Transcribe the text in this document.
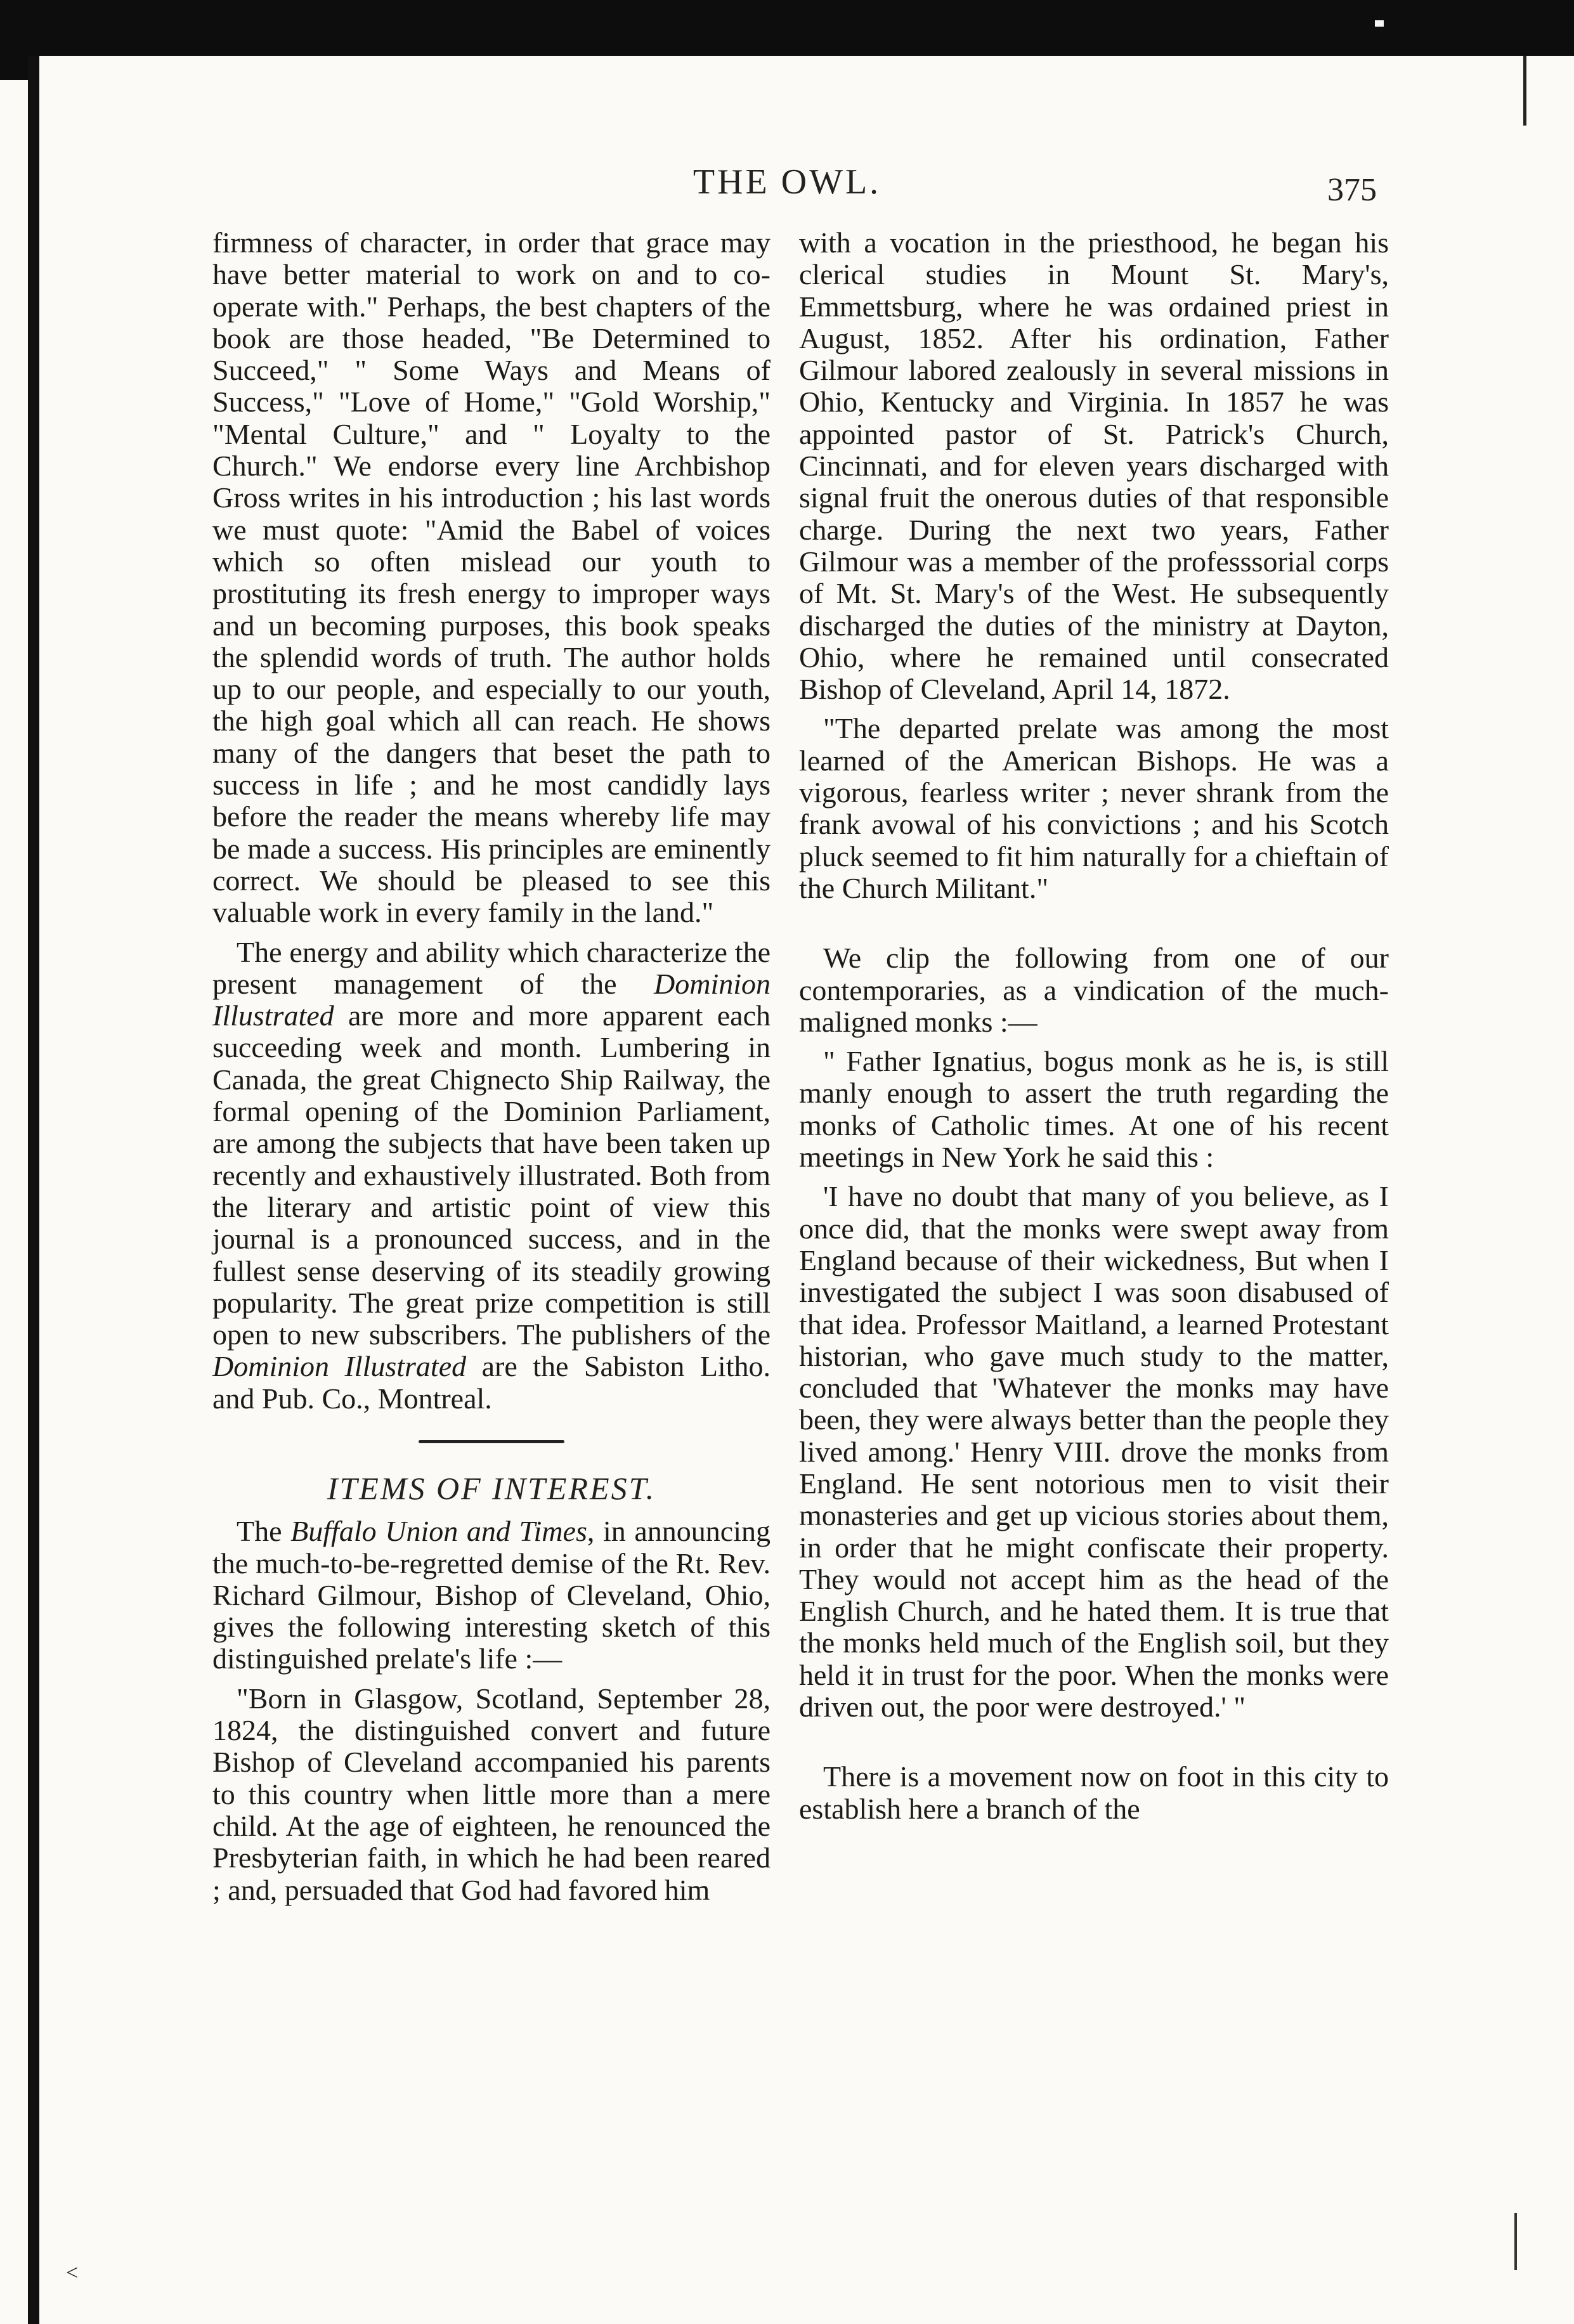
THE OWL.	375

firmness of character, in order that grace may have better material to work on and to co-operate with." Perhaps, the best chapters of the book are those headed, "Be Determined to Succeed," " Some Ways and Means of Success," "Love of Home," "Gold Worship," "Mental Culture," and " Loyalty to the Church." We endorse every line Archbishop Gross writes in his introduction ; his last words we must quote: "Amid the Babel of voices which so often mislead our youth to prostituting its fresh energy to improper ways and un becoming purposes, this book speaks the splendid words of truth. The author holds up to our people, and especially to our youth, the high goal which all can reach. He shows many of the dangers that beset the path to success in life ; and he most candidly lays before the reader the means whereby life may be made a success. His principles are eminently correct. We should be pleased to see this valuable work in every family in the land."

The energy and ability which characterize the present management of the Dominion Illustrated are more and more apparent each succeeding week and month. Lumbering in Canada, the great Chignecto Ship Railway, the formal opening of the Dominion Parliament, are among the subjects that have been taken up recently and exhaustively illustrated. Both from the literary and artistic point of view this journal is a pronounced success, and in the fullest sense deserving of its steadily growing popularity. The great prize competition is still open to new subscribers. The publishers of the Dominion Illustrated are the Sabiston Litho. and Pub. Co., Montreal.

ITEMS OF INTEREST.

The Buffalo Union and Times, in announcing the much-to-be-regretted demise of the Rt. Rev. Richard Gilmour, Bishop of Cleveland, Ohio, gives the following interesting sketch of this distinguished prelate's life :—

"Born in Glasgow, Scotland, September 28, 1824, the distinguished convert and future Bishop of Cleveland accompanied his parents to this country when little more than a mere child. At the age of eighteen, he renounced the Presbyterian faith, in which he had been reared ; and, persuaded that God had favored him

with a vocation in the priesthood, he began his clerical studies in Mount St. Mary's, Emmettsburg, where he was ordained priest in August, 1852. After his ordination, Father Gilmour labored zealously in several missions in Ohio, Kentucky and Virginia. In 1857 he was appointed pastor of St. Patrick's Church, Cincinnati, and for eleven years discharged with signal fruit the onerous duties of that responsible charge. During the next two years, Father Gilmour was a member of the professsorial corps of Mt. St. Mary's of the West. He subsequently discharged the duties of the ministry at Dayton, Ohio, where he remained until consecrated Bishop of Cleveland, April 14, 1872.

"The departed prelate was among the most learned of the American Bishops. He was a vigorous, fearless writer ; never shrank from the frank avowal of his convictions ; and his Scotch pluck seemed to fit him naturally for a chieftain of the Church Militant."

We clip the following from one of our contemporaries, as a vindication of the much-maligned monks :—

" Father Ignatius, bogus monk as he is, is still manly enough to assert the truth regarding the monks of Catholic times. At one of his recent meetings in New York he said this :

'I have no doubt that many of you believe, as I once did, that the monks were swept away from England because of their wickedness, But when I investigated the subject I was soon disabused of that idea. Professor Maitland, a learned Protestant historian, who gave much study to the matter, concluded that 'Whatever the monks may have been, they were always better than the people they lived among.' Henry VIII. drove the monks from England. He sent notorious men to visit their monasteries and get up vicious stories about them, in order that he might confiscate their property. They would not accept him as the head of the English Church, and he hated them. It is true that the monks held much of the English soil, but they held it in trust for the poor. When the monks were driven out, the poor were destroyed.' "

There is a movement now on foot in this city to establish here a branch of the

<
